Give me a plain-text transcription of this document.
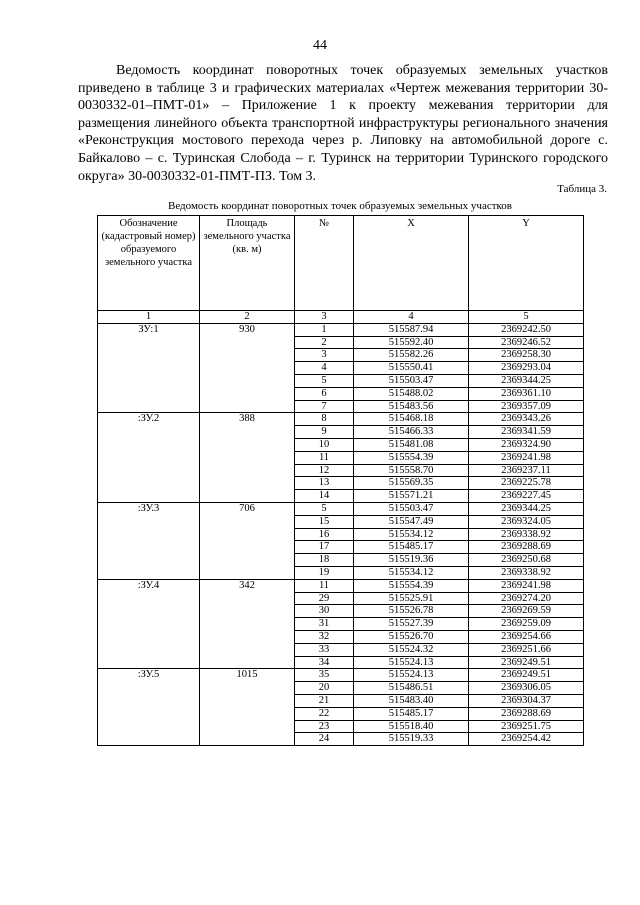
44

Ведомость координат поворотных точек образуемых земельных участков приведено в таблице 3 и графических материалах «Чертеж межевания территории 30-0030332-01–ПМТ-01» – Приложение 1 к проекту межевания территории для размещения линейного объекта транспортной инфраструктуры регионального значения «Реконструкция мостового перехода через р. Липовку на автомобильной дороге с. Байкалово – с. Туринская Слобода – г. Туринск на территории Туринского городского округа» 30-0030332-01-ПМТ-ПЗ. Том 3.

Таблица 3.
Ведомость координат поворотных точек образуемых земельных участков
Обозначение (кадастровый номер) образуемого земельного участка	Площадь земельного участка (кв. м)	№	X	Y
1	2	3	4	5
ЗУ:1	930	1	515587.94	2369242.50
		2	515592.40	2369246.52
		3	515582.26	2369258.30
		4	515550.41	2369293.04
		5	515503.47	2369344.25
		6	515488.02	2369361.10
		7	515483.56	2369357.09
:ЗУ.2	388	8	515468.18	2369343.26
		9	515466.33	2369341.59
		10	515481.08	2369324.90
		11	515554.39	2369241.98
		12	515558.70	2369237.11
		13	515569.35	2369225.78
		14	515571.21	2369227.45
:ЗУ.3	706	5	515503.47	2369344.25
		15	515547.49	2369324.05
		16	515534.12	2369338.92
		17	515485.17	2369288.69
		18	515519.36	2369250.68
		19	515534.12	2369338.92
:ЗУ.4	342	11	515554.39	2369241.98
		29	515525.91	2369274.20
		30	515526.78	2369269.59
		31	515527.39	2369259.09
		32	515526.70	2369254.66
		33	515524.32	2369251.66
		34	515524.13	2369249.51
:ЗУ.5	1015	35	515524.13	2369249.51
		20	515486.51	2369306.05
		21	515483.40	2369304.37
		22	515485.17	2369288.69
		23	515518.40	2369251.75
		24	515519.33	2369254.42
